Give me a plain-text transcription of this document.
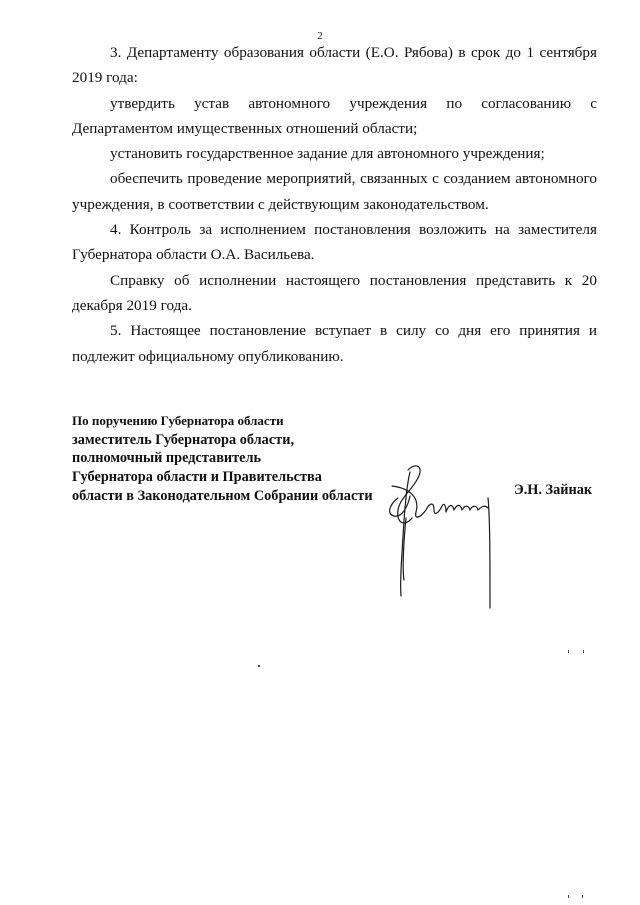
2

3. Департаменту образования области (Е.О. Рябова) в срок до 1 сентября 2019 года:

утвердить устав автономного учреждения по согласованию с Департаментом имущественных отношений области;

установить государственное задание для автономного учреждения;

обеспечить проведение мероприятий, связанных с созданием автономного учреждения, в соответствии с действующим законодательством.

4. Контроль за исполнением постановления возложить на заместителя Губернатора области О.А. Васильева.

Справку об исполнении настоящего постановления представить к 20 декабря 2019 года.

5. Настоящее постановление вступает в силу со дня его принятия и подлежит официальному опубликованию.

По поручению Губернатора области
заместитель Губернатора области,
полномочный представитель
Губернатора области и Правительства
области в Законодательном Собрании области	Э.Н. Зайнак
